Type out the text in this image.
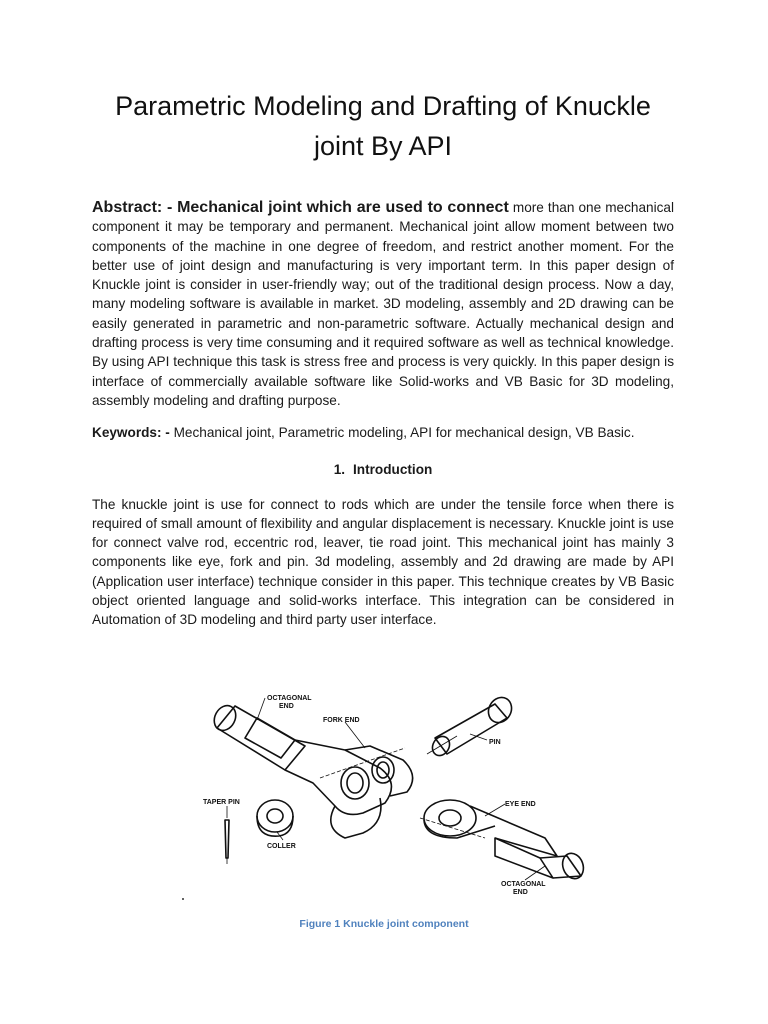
Parametric Modeling and Drafting of Knuckle joint By API

Abstract: - Mechanical joint which are used to connect more than one mechanical component it may be temporary and permanent. Mechanical joint allow moment between two components of the machine in one degree of freedom, and restrict another moment. For the better use of joint design and manufacturing is very important term. In this paper design of Knuckle joint is consider in user-friendly way; out of the traditional design process. Now a day, many modeling software is available in market. 3D modeling, assembly and 2D drawing can be easily generated in parametric and non-parametric software. Actually mechanical design and drafting process is very time consuming and it required software as well as technical knowledge. By using API technique this task is stress free and process is very quickly. In this paper design is interface of commercially available software like Solid-works and VB Basic for 3D modeling, assembly modeling and drafting purpose.

Keywords: - Mechanical joint, Parametric modeling, API for mechanical design, VB Basic.

1. Introduction

The knuckle joint is use for connect to rods which are under the tensile force when there is required of small amount of flexibility and angular displacement is necessary. Knuckle joint is use for connect valve rod, eccentric rod, leaver, tie road joint. This mechanical joint has mainly 3 components like eye, fork and pin. 3d modeling, assembly and 2d drawing are made by API (Application user interface) technique consider in this paper. This technique creates by VB Basic object oriented language and solid-works interface. This integration can be considered in Automation of 3D modeling and third party user interface.

OCTAGONAL
END
FORK END
PIN
TAPER PIN
COLLER
EYE END
OCTAGONAL
END
Figure 1 Knuckle joint component
